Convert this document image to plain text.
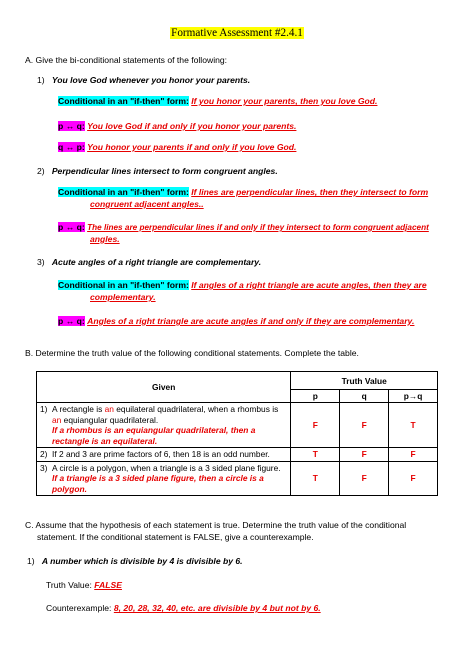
Formative Assessment #2.4.1
A. Give the bi-conditional statements of the following:
1) You love God whenever you honor your parents.
Conditional in an "if-then" form: If you honor your parents, then you love God.
p ↔ q: You love God if and only if you honor your parents.
q ↔ p: You honor your parents if and only if you love God.
2) Perpendicular lines intersect to form congruent angles.
Conditional in an "if-then" form: If lines are perpendicular lines, then they intersect to form
congruent adjacent angles..
p ↔ q: The lines are perpendicular lines if and only if they intersect to form congruent adjacent
angles.
3) Acute angles of a right triangle are complementary.
Conditional in an "if-then" form: If angles of a right triangle are acute angles, then they are
complementary.
p ↔ q: Angles of a right triangle are acute angles if and only if they are complementary.
B. Determine the truth value of the following conditional statements. Complete the table.
Given	Truth Value		
	p	q	p→q

1) A rectangle is an equilateral quadrilateral, when a rhombus is
an equiangular quadrilateral.
If a rhombus is an equiangular quadrilateral, then a
rectangle is an equilateral.	F	F	T

2) If 2 and 3 are prime factors of 6, then 18 is an odd number.	T	F	F

3) A circle is a polygon, when a triangle is a 3 sided plane figure.
If a triangle is a 3 sided plane figure, then a circle is a
polygon.	T	F	F
C. Assume that the hypothesis of each statement is true. Determine the truth value of the conditional
statement. If the conditional statement is FALSE, give a counterexample.
1) A number which is divisible by 4 is divisible by 6.
Truth Value: FALSE
Counterexample: 8, 20, 28, 32, 40, etc. are divisible by 4 but not by 6.
